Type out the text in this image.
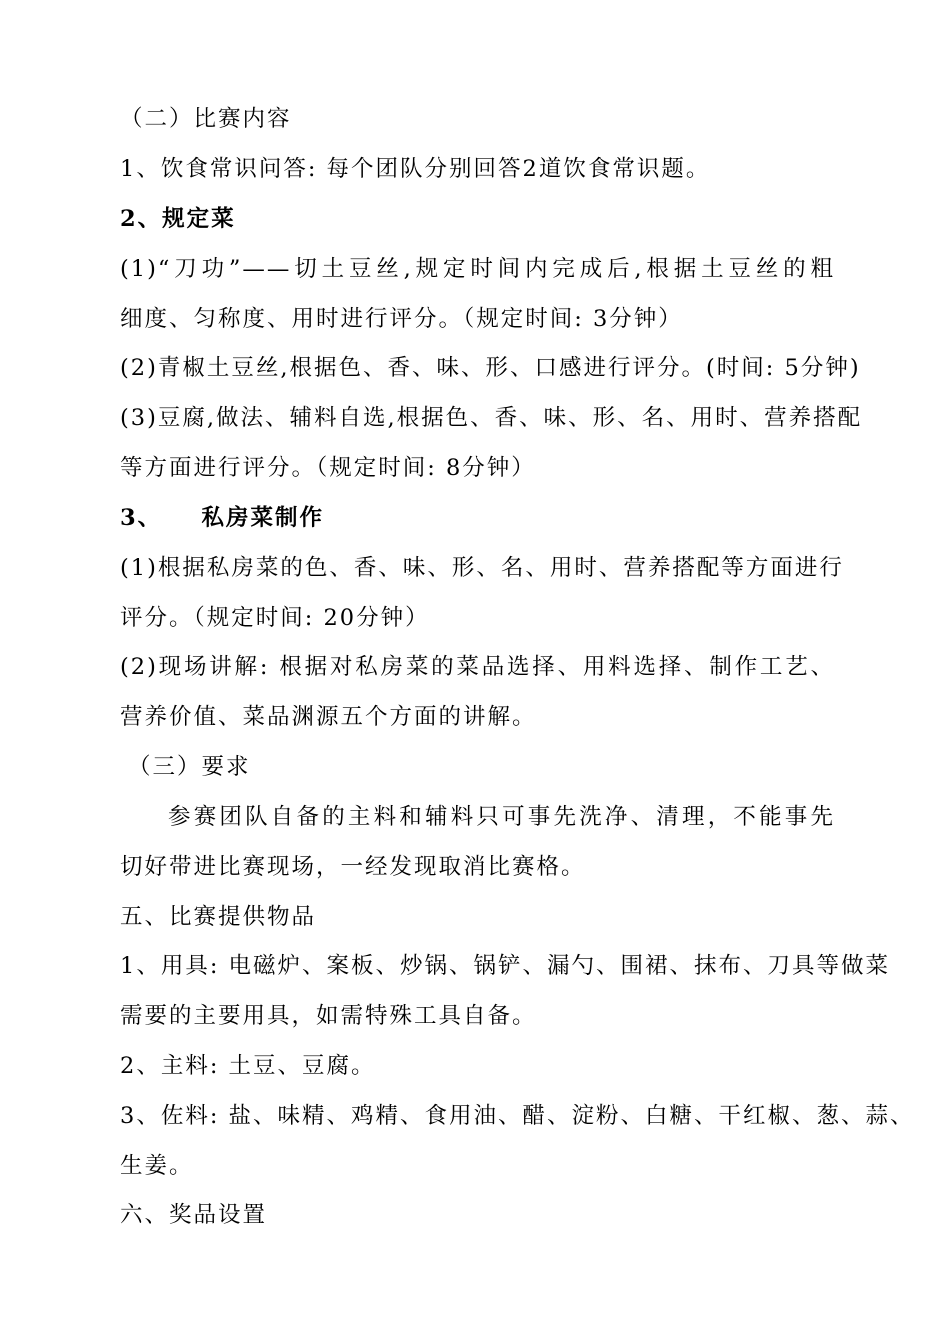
（二）比赛内容
1、饮食常识问答: 每个团队分别回答2道饮食常识题。
2、规定菜
(1)“刀功”——切土豆丝,规定时间内完成后,根据土豆丝的粗
细度、匀称度、用时进行评分。（规定时间: 3分钟）
(2)青椒土豆丝,根据色、香、味、形、口感进行评分。(时间: 5分钟)
(3)豆腐,做法、辅料自选,根据色、香、味、形、名、用时、营养搭配
等方面进行评分。（规定时间: 8分钟）
3、    私房菜制作
(1)根据私房菜的色、香、味、形、名、用时、营养搭配等方面进行
评分。（规定时间: 20分钟）
(2)现场讲解: 根据对私房菜的菜品选择、用料选择、制作工艺、
营养价值、菜品渊源五个方面的讲解。
（三）要求
参赛团队自备的主料和辅料只可事先洗净、清理，不能事先
切好带进比赛现场，一经发现取消比赛格。
五、比赛提供物品
1、用具: 电磁炉、案板、炒锅、锅铲、漏勺、围裙、抹布、刀具等做菜
需要的主要用具，如需特殊工具自备。
2、主料: 土豆、豆腐。
3、佐料: 盐、味精、鸡精、食用油、醋、淀粉、白糖、干红椒、葱、蒜、
生姜。
六、奖品设置
